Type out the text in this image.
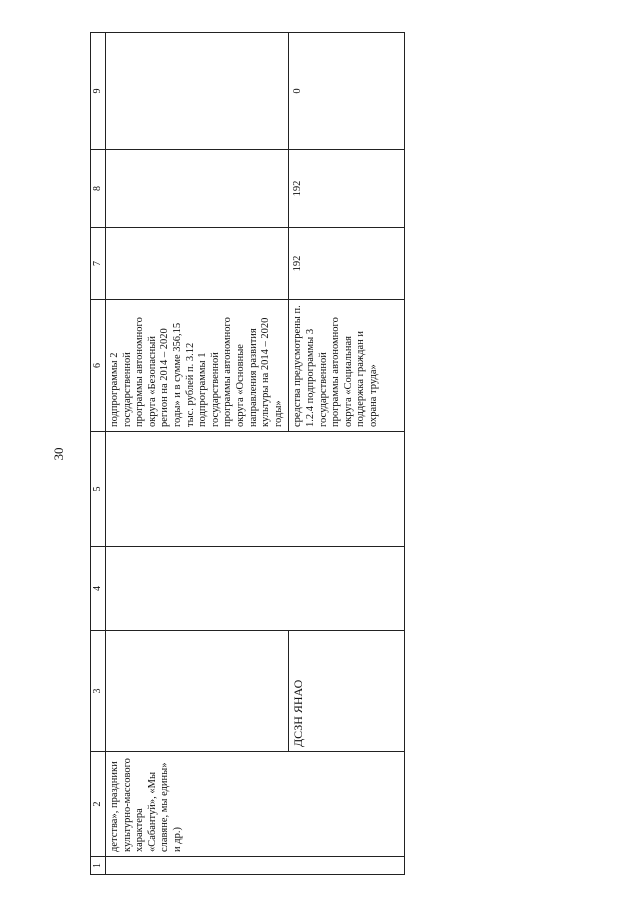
30
1	2	3	4	5	6	7	8	9
	детства», праздники культурно-массового характера «Сабантуй», «Мы славяне, мы едины» и др.)				подпрограммы 2 государственной программы автономного округа «Безопасный регион на 2014 – 2020 годы» и в сумме 356,15 тыс. рублей п. 3.12 подпрограммы 1 государственной программы автономного округа «Основные направления развития культуры на 2014 – 2020 годы»			
		ДСЗН ЯНАО			средства предусмотрены п. 1.2.4 подпрограммы 3 государственной программы автономного округа «Социальная поддержка граждан и охрана труда»	192	192	0
